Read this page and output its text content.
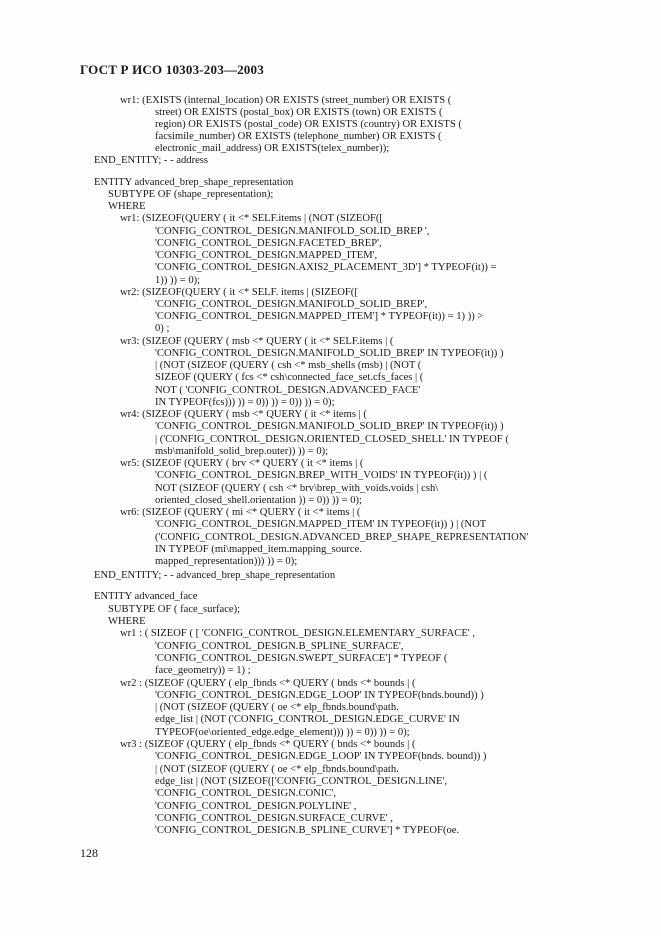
ГОСТ Р ИСО 10303-203—2003
wr1: (EXISTS (internal_location) OR EXISTS (street_number) OR EXISTS (
street) OR EXISTS (postal_box) OR EXISTS (town) OR EXISTS (
region) OR EXISTS (postal_code) OR EXISTS (country) OR EXISTS (
facsimile_number) OR EXISTS (telephone_number) OR EXISTS (
electronic_mail_address) OR EXISTS(telex_number));
END_ENTITY; - - address
ENTITY advanced_brep_shape_representation
SUBTYPE OF (shape_representation);
WHERE
wr1: (SIZEOF(QUERY ( it <* SELF.items | (NOT (SIZEOF([
'CONFIG_CONTROL_DESIGN.MANIFOLD_SOLID_BREP ',
'CONFIG_CONTROL_DESIGN.FACETED_BREP',
'CONFIG_CONTROL_DESIGN.MAPPED_ITEM',
'CONFIG_CONTROL_DESIGN.AXIS2_PLACEMENT_3D'] * TYPEOF(it)) =
1)) )) = 0);
wr2: (SIZEOF(QUERY ( it <* SELF. items | (SIZEOF([
'CONFIG_CONTROL_DESIGN.MANIFOLD_SOLID_BREP',
'CONFIG_CONTROL_DESIGN.MAPPED_ITEM'] * TYPEOF(it)) = 1) )) >
0) ;
wr3: (SIZEOF (QUERY ( msb <* QUERY ( it <* SELF.items | (
'CONFIG_CONTROL_DESIGN.MANIFOLD_SOLID_BREP' IN TYPEOF(it)) )
| (NOT (SIZEOF (QUERY ( csh <* msb_shells (msb) | (NOT (
SIZEOF (QUERY ( fcs <* csh\connected_face_set.cfs_faces | (
NOT ( 'CONFIG_CONTROL_DESIGN.ADVANCED_FACE'
IN TYPEOF(fcs))) )) = 0)) )) = 0)) )) = 0);
wr4: (SIZEOF (QUERY ( msb <* QUERY ( it <* items | (
'CONFIG_CONTROL_DESIGN.MANIFOLD_SOLID_BREP' IN TYPEOF(it)) )
| ('CONFIG_CONTROL_DESIGN.ORIENTED_CLOSED_SHELL' IN TYPEOF (
msb\manifold_solid_brep.outer)) )) = 0);
wr5: (SIZEOF (QUERY ( brv <* QUERY ( it <* items | (
'CONFIG_CONTROL_DESIGN.BREP_WITH_VOIDS' IN TYPEOF(it)) ) | (
NOT (SIZEOF (QUERY ( csh <* brv\brep_with_voids.voids | csh\
oriented_closed_shell.orientation )) = 0)) )) = 0);
wr6: (SIZEOF (QUERY ( mi <* QUERY ( it <* items | (
'CONFIG_CONTROL_DESIGN.MAPPED_ITEM' IN TYPEOF(it)) ) | (NOT
('CONFIG_CONTROL_DESIGN.ADVANCED_BREP_SHAPE_REPRESENTATION'
IN TYPEOF (mi\mapped_item.mapping_source.
mapped_representation))) )) = 0);
END_ENTITY; - - advanced_brep_shape_representation
ENTITY advanced_face
SUBTYPE OF ( face_surface);
WHERE
wr1 : ( SIZEOF ( [ 'CONFIG_CONTROL_DESIGN.ELEMENTARY_SURFACE' ,
'CONFIG_CONTROL_DESIGN.B_SPLINE_SURFACE',
'CONFIG_CONTROL_DESIGN.SWEPT_SURFACE'] * TYPEOF (
face_geometry)) = 1) ;
wr2 : (SIZEOF (QUERY ( elp_fbnds <* QUERY ( bnds <* bounds | (
'CONFIG_CONTROL_DESIGN.EDGE_LOOP' IN TYPEOF(bnds.bound)) )
| (NOT (SIZEOF (QUERY ( oe <* elp_fbnds.bound\path.
edge_list | (NOT ('CONFIG_CONTROL_DESIGN.EDGE_CURVE' IN
TYPEOF(oe\oriented_edge.edge_element))) )) = 0)) )) = 0);
wr3 : (SIZEOF (QUERY ( elp_fbnds <* QUERY ( bnds <* bounds | (
'CONFIG_CONTROL_DESIGN.EDGE_LOOP' IN TYPEOF(bnds. bound)) )
| (NOT (SIZEOF (QUERY ( oe <* elp_fbnds.bound\path.
edge_list | (NOT (SIZEOF(['CONFIG_CONTROL_DESIGN.LINE',
'CONFIG_CONTROL_DESIGN.CONIC',
'CONFIG_CONTROL_DESIGN.POLYLINE' ,
'CONFIG_CONTROL_DESIGN.SURFACE_CURVE' ,
'CONFIG_CONTROL_DESIGN.B_SPLINE_CURVE'] * TYPEOF(oe.
128
